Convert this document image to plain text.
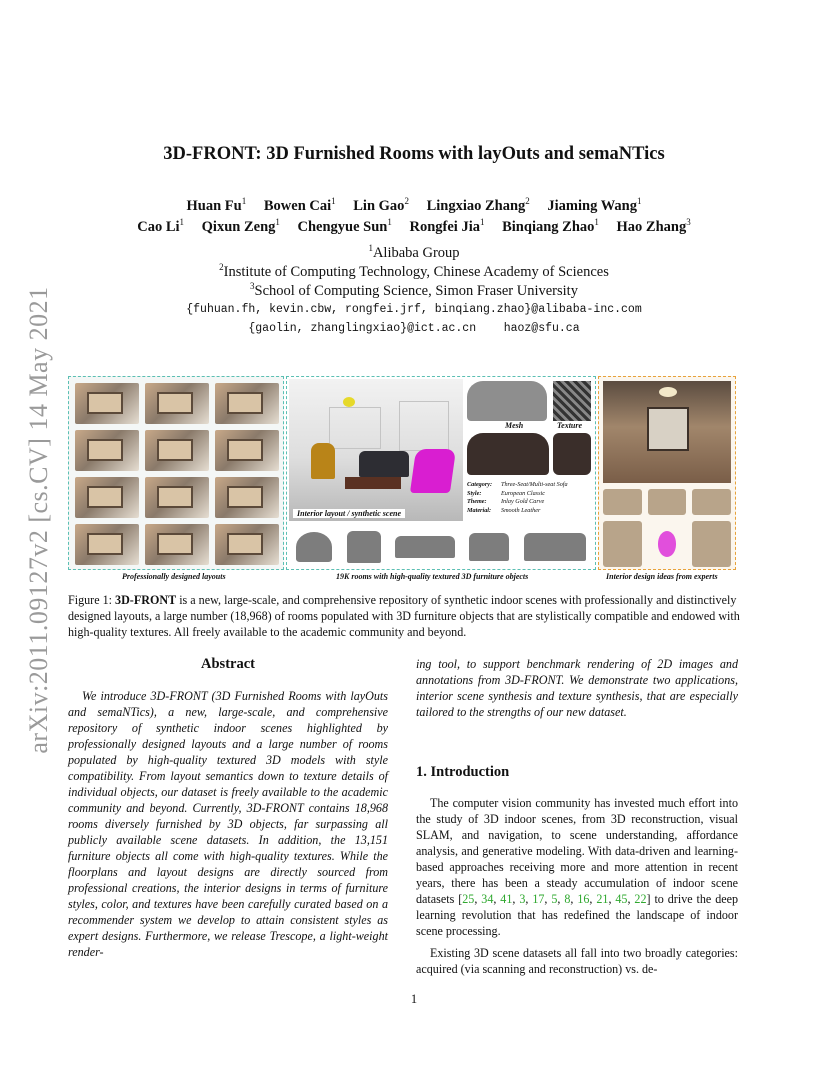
arXiv:2011.09127v2 [cs.CV] 14 May 2021
3D-FRONT: 3D Furnished Rooms with layOuts and semaNTics
Huan Fu$^1$ Bowen Cai$^1$ Lin Gao$^2$ Lingxiao Zhang$^2$ Jiaming Wang$^1$
Cao Li$^1$ Qixun Zeng$^1$ Chengyue Sun$^1$ Rongfei Jia$^1$ Binqiang Zhao$^1$ Hao Zhang$^3$
$^1$Alibaba Group
$^2$Institute of Computing Technology, Chinese Academy of Sciences
$^3$School of Computing Science, Simon Fraser University
{fuhuan.fh, kevin.cbw, rongfei.jrf, binqiang.zhao}@alibaba-inc.com
{gaolin, zhanglingxiao}@ict.ac.cn    haoz@sfu.ca
Interior layout / synthetic scene
Mesh	Texture
Category: Three-Seat/Multi-seat Sofa
Style:	European Classic
Theme: Inlay Gold Carve
Material: Smooth Leather
Professionally designed layouts	19K rooms with high-quality textured 3D furniture objects	Interior design ideas from experts
Figure 1: 3D-FRONT is a new, large-scale, and comprehensive repository of synthetic indoor scenes with professionally and distinctively designed layouts, a large number (18,968) of rooms populated with 3D furniture objects that are stylistically compatible and endowed with high-quality textures. All freely available to the academic community and beyond.
Abstract

We introduce 3D-FRONT (3D Furnished Rooms with layOuts and semaNTics), a new, large-scale, and comprehensive repository of synthetic indoor scenes highlighted by professionally designed layouts and a large number of rooms populated by high-quality textured 3D models with style compatibility. From layout semantics down to texture details of individual objects, our dataset is freely available to the academic community and beyond. Currently, 3D-FRONT contains 18,968 rooms diversely furnished by 3D objects, far surpassing all publicly available scene datasets. In addition, the 13,151 furniture objects all come with high-quality textures. While the floorplans and layout designs are directly sourced from professional creations, the interior designs in terms of furniture styles, color, and textures have been carefully curated based on a recommender system we develop to attain consistent styles as expert designs. Furthermore, we release Trescope, a light-weight render-

ing tool, to support benchmark rendering of 2D images and annotations from 3D-FRONT. We demonstrate two applications, interior scene synthesis and texture synthesis, that are especially tailored to the strengths of our new dataset.

1. Introduction

The computer vision community has invested much effort into the study of 3D indoor scenes, from 3D reconstruction, visual SLAM, and navigation, to scene understanding, affordance analysis, and generative modeling. With data-driven and learning-based approaches receiving more and more attention in recent years, there has been a steady accumulation of indoor scene datasets [25, 34, 41, 3, 17, 5, 8, 16, 21, 45, 22] to drive the deep learning revolution that has redefined the landscape of indoor scene processing.

Existing 3D scene datasets all fall into two broadly categories: acquired (via scanning and reconstruction) vs. de-

1
